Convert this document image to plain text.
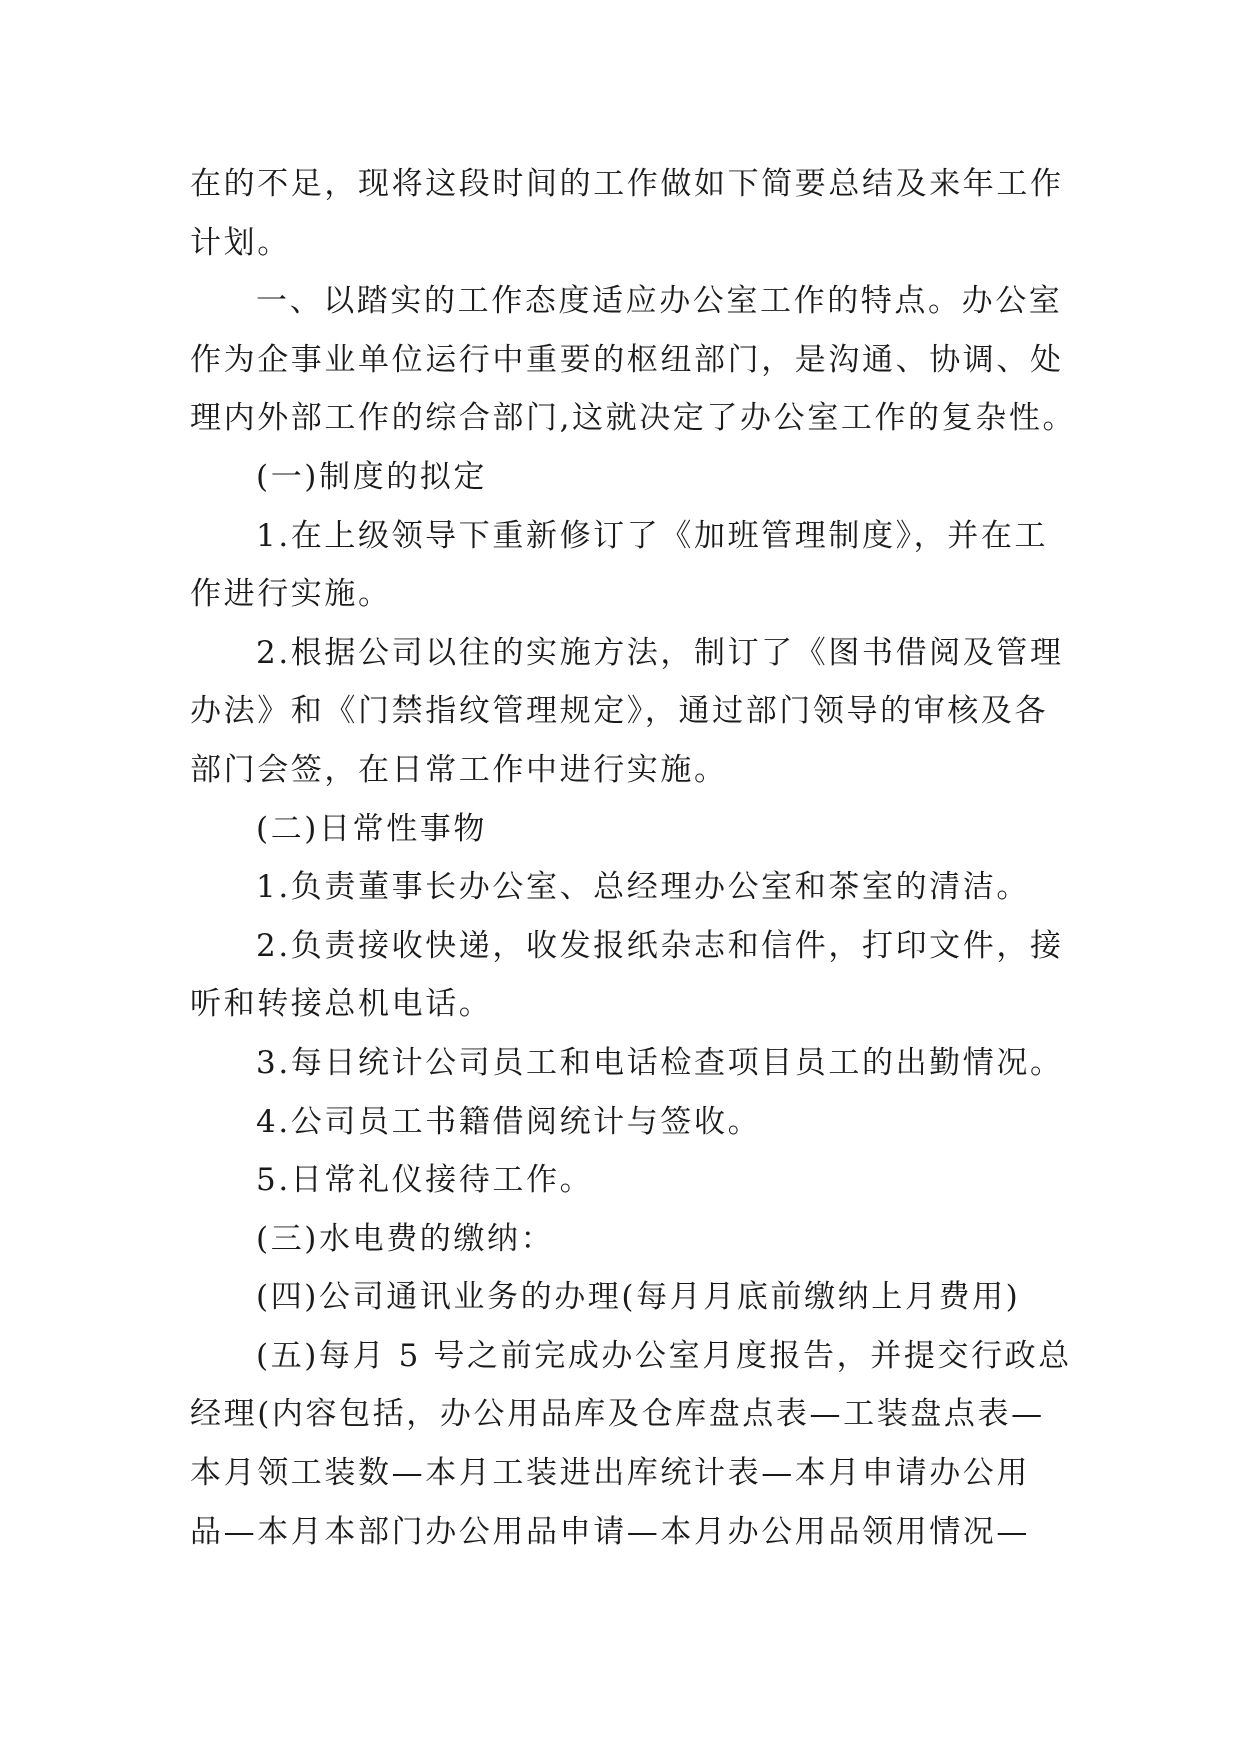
在的不足，现将这段时间的工作做如下简要总结及来年工作
计划。
一、以踏实的工作态度适应办公室工作的特点。办公室
作为企事业单位运行中重要的枢纽部门，是沟通、协调、处
理内外部工作的综合部门,这就决定了办公室工作的复杂性。
(一)制度的拟定
1.在上级领导下重新修订了《加班管理制度》，并在工
作进行实施。
2.根据公司以往的实施方法，制订了《图书借阅及管理
办法》和《门禁指纹管理规定》，通过部门领导的审核及各
部门会签，在日常工作中进行实施。
(二)日常性事物
1.负责董事长办公室、总经理办公室和茶室的清洁。
2.负责接收快递，收发报纸杂志和信件，打印文件，接
听和转接总机电话。
3.每日统计公司员工和电话检查项目员工的出勤情况。
4.公司员工书籍借阅统计与签收。
5.日常礼仪接待工作。
(三)水电费的缴纳：
(四)公司通讯业务的办理(每月月底前缴纳上月费用)
(五)每月 5 号之前完成办公室月度报告，并提交行政总
经理(内容包括，办公用品库及仓库盘点表—工装盘点表—
本月领工装数—本月工装进出库统计表—本月申请办公用
品—本月本部门办公用品申请—本月办公用品领用情况—
